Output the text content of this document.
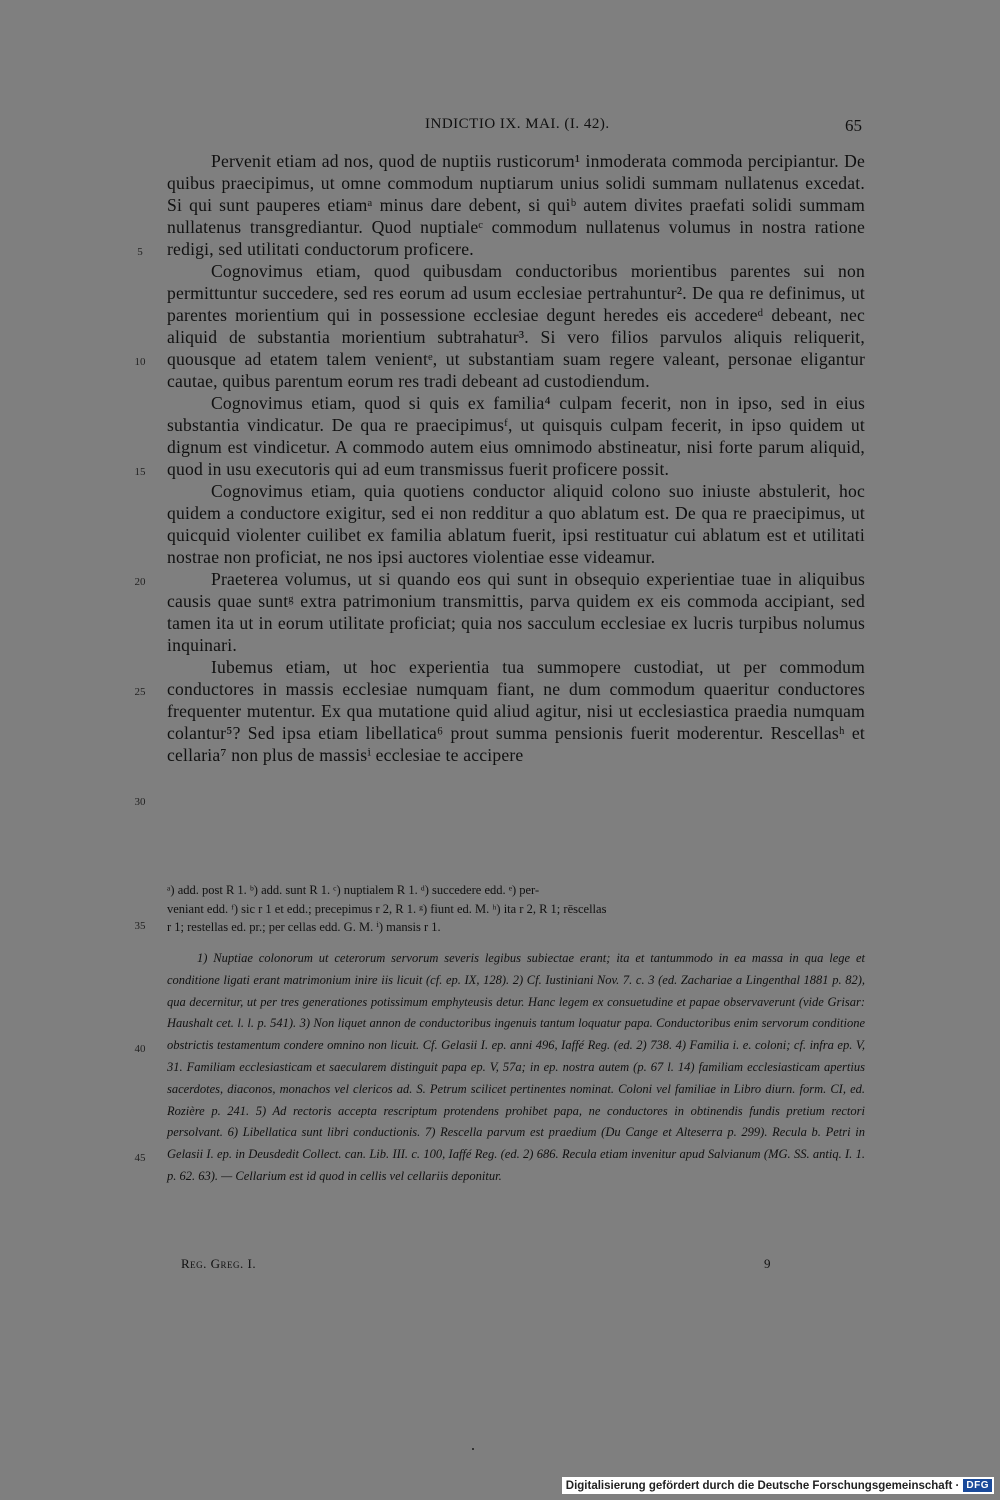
INDICTIO IX. MAI. (I. 42).	65

Pervenit etiam ad nos, quod de nuptiis rusticorum¹ inmoderata commoda percipiantur. De quibus praecipimus, ut omne commodum nuptiarum unius solidi summam nullatenus excedat. Si qui sunt pauperes etiamᵃ minus dare debent, si quiᵇ autem divites praefati solidi summam nullatenus transgrediantur. Quod nuptialeᶜ commodum nullatenus volumus in nostra ratione redigi, sed utilitati conductorum proficere.

Cognovimus etiam, quod quibusdam conductoribus morientibus parentes sui non permittuntur succedere, sed res eorum ad usum ecclesiae pertrahuntur². De qua re definimus, ut parentes morientium qui in possessione ecclesiae degunt heredes eis accedereᵈ debeant, nec aliquid de substantia morientium subtrahatur³. Si vero filios parvulos aliquis reliquerit, quousque ad etatem talem venientᵉ, ut substantiam suam regere valeant, personae eligantur cautae, quibus parentum eorum res tradi debeant ad custodiendum.

Cognovimus etiam, quod si quis ex familia⁴ culpam fecerit, non in ipso, sed in eius substantia vindicatur. De qua re praecipimusᶠ, ut quisquis culpam fecerit, in ipso quidem ut dignum est vindicetur. A commodo autem eius omnimodo abstineatur, nisi forte parum aliquid, quod in usu executoris qui ad eum transmissus fuerit proficere possit.

Cognovimus etiam, quia quotiens conductor aliquid colono suo iniuste abstulerit, hoc quidem a conductore exigitur, sed ei non redditur a quo ablatum est. De qua re praecipimus, ut quicquid violenter cuilibet ex familia ablatum fuerit, ipsi restituatur cui ablatum est et utilitati nostrae non proficiat, ne nos ipsi auctores violentiae esse videamur.

Praeterea volumus, ut si quando eos qui sunt in obsequio experientiae tuae in aliquibus causis quae suntᵍ extra patrimonium transmittis, parva quidem ex eis commoda accipiant, sed tamen ita ut in eorum utilitate proficiat; quia nos sacculum ecclesiae ex lucris turpibus nolumus inquinari.

Iubemus etiam, ut hoc experientia tua summopere custodiat, ut per commodum conductores in massis ecclesiae numquam fiant, ne dum commodum quaeritur conductores frequenter mutentur. Ex qua mutatione quid aliud agitur, nisi ut ecclesiastica praedia numquam colantur⁵? Sed ipsa etiam libellatica⁶ prout summa pensionis fuerit moderentur. Rescellasʰ et cellaria⁷ non plus de massisⁱ ecclesiae te accipere

5
10
15
20
25
30
35
40
45
ᵃ) add. post R 1. ᵇ) add. sunt R 1. ᶜ) nuptialem R 1. ᵈ) succedere edd. ᵉ) per-
veniant edd. ᶠ) sic r 1 et edd.; precepimus r 2, R 1. ᵍ) fiunt ed. M. ʰ) ita r 2, R 1; rēscellas
r 1; restellas ed. pr.; per cellas edd. G. M. ⁱ) mansis r 1.

1) Nuptiae colonorum ut ceterorum servorum severis legibus subiectae erant; ita et tantummodo in ea massa in qua lege et conditione ligati erant matrimonium inire iis licuit (cf. ep. IX, 128). 2) Cf. Iustiniani Nov. 7. c. 3 (ed. Zachariae a Lingenthal 1881 p. 82), qua decernitur, ut per tres generationes potissimum emphyteusis detur. Hanc legem ex consuetudine et papae observaverunt (vide Grisar: Haushalt cet. l. l. p. 541). 3) Non liquet annon de conductoribus ingenuis tantum loquatur papa. Conductoribus enim servorum conditione obstrictis testamentum condere omnino non licuit. Cf. Gelasii I. ep. anni 496, Iaffé Reg. (ed. 2) 738. 4) Familia i. e. coloni; cf. infra ep. V, 31. Familiam ecclesiasticam et saecularem distinguit papa ep. V, 57a; in ep. nostra autem (p. 67 l. 14) familiam ecclesiasticam apertius sacerdotes, diaconos, monachos vel clericos ad. S. Petrum scilicet pertinentes nominat. Coloni vel familiae in Libro diurn. form. CI, ed. Rozière p. 241. 5) Ad rectoris accepta rescriptum protendens prohibet papa, ne conductores in obtinendis fundis pretium rectori persolvant. 6) Libellatica sunt libri conductionis. 7) Rescella parvum est praedium (Du Cange et Alteserra p. 299). Recula b. Petri in Gelasii I. ep. in Deusdedit Collect. can. Lib. III. c. 100, Iaffé Reg. (ed. 2) 686. Recula etiam invenitur apud Salvianum (MG. SS. antiq. I. 1. p. 62. 63). — Cellarium est id quod in cellis vel cellariis deponitur.

Reg. Greg. I.	9
Digitalisierung gefördert durch die Deutsche Forschungsgemeinschaft · DFG
